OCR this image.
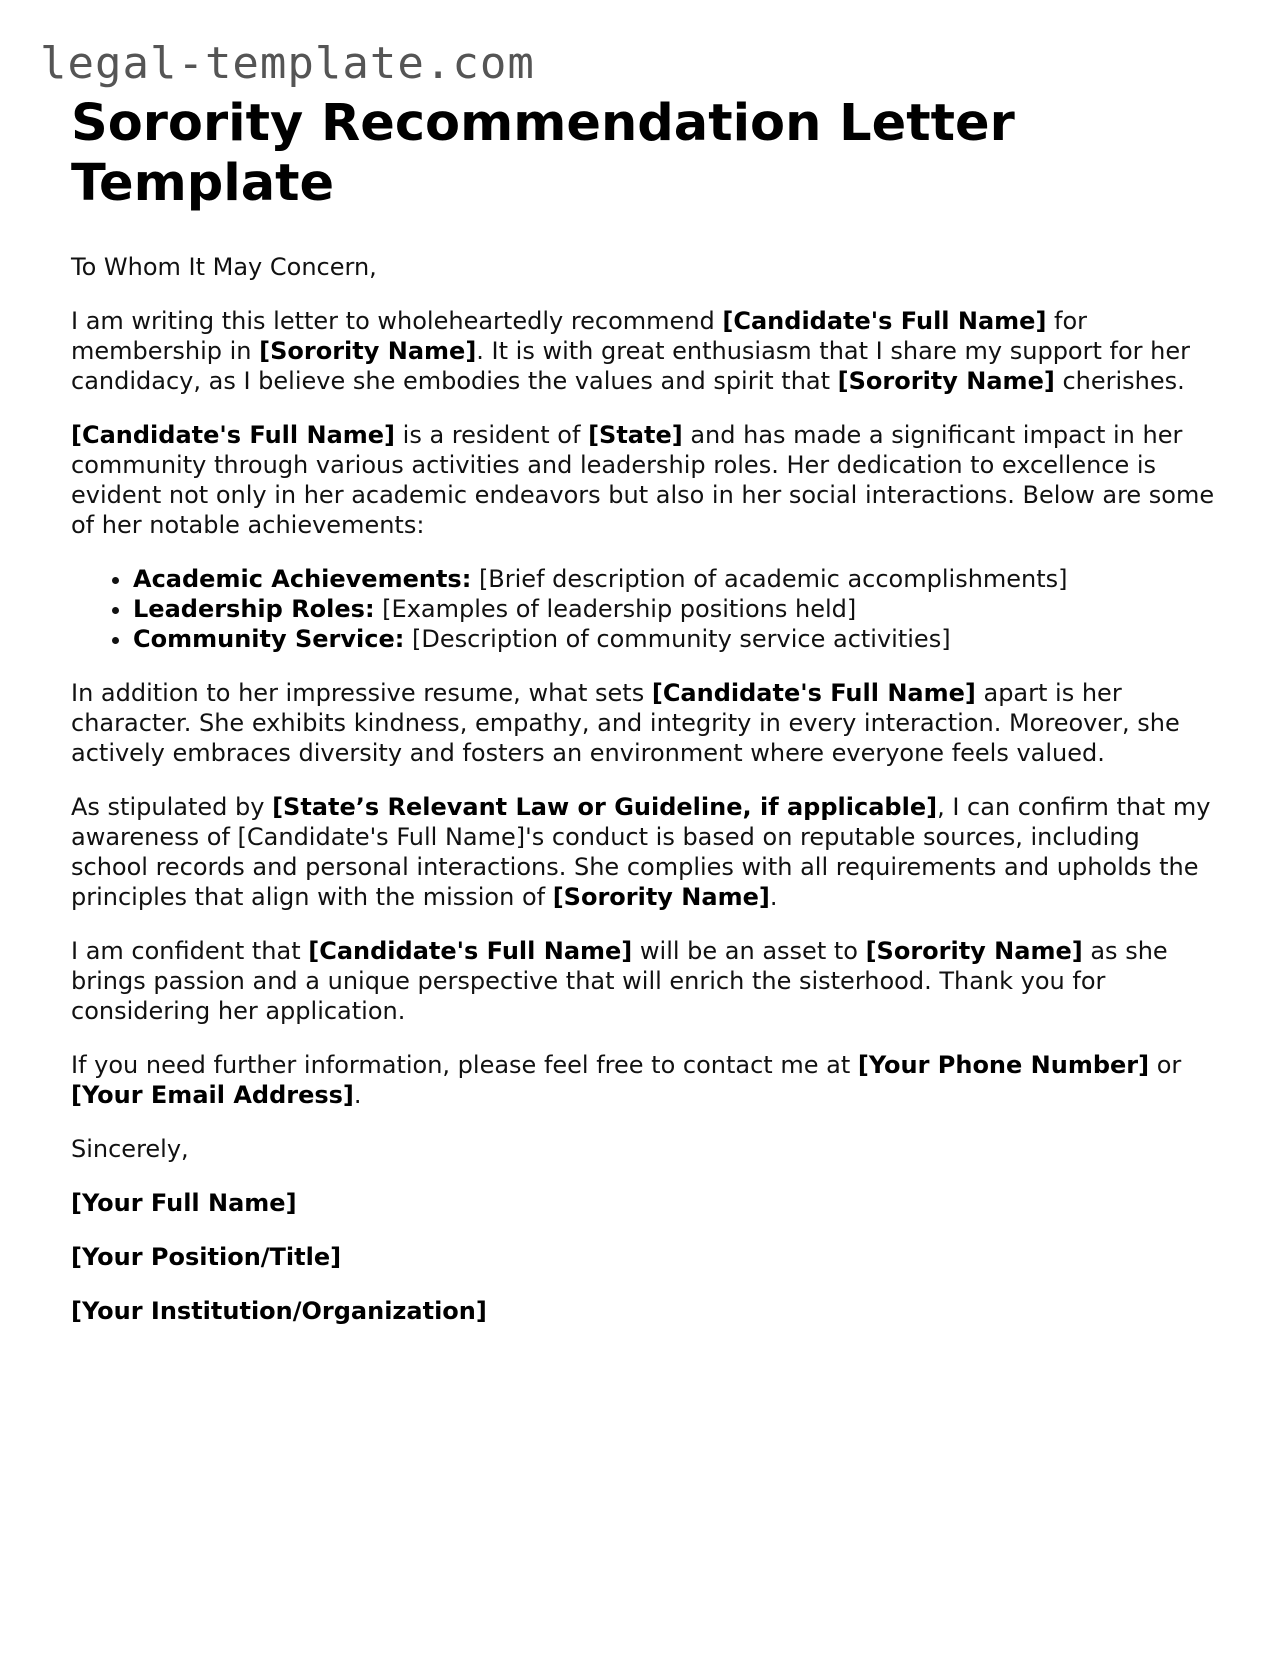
legal-template.com
Sorority Recommendation Letter Template

To Whom It May Concern,

I am writing this letter to wholeheartedly recommend [Candidate's Full Name] for membership in [Sorority Name]. It is with great enthusiasm that I share my support for her candidacy, as I believe she embodies the values and spirit that [Sorority Name] cherishes.

[Candidate's Full Name] is a resident of [State] and has made a significant impact in her community through various activities and leadership roles. Her dedication to excellence is evident not only in her academic endeavors but also in her social interactions. Below are some of her notable achievements:

• Academic Achievements: [Brief description of academic accomplishments]
• Leadership Roles: [Examples of leadership positions held]
• Community Service: [Description of community service activities]

In addition to her impressive resume, what sets [Candidate's Full Name] apart is her character. She exhibits kindness, empathy, and integrity in every interaction. Moreover, she actively embraces diversity and fosters an environment where everyone feels valued.

As stipulated by [State’s Relevant Law or Guideline, if applicable], I can confirm that my awareness of [Candidate's Full Name]'s conduct is based on reputable sources, including school records and personal interactions. She complies with all requirements and upholds the principles that align with the mission of [Sorority Name].

I am confident that [Candidate's Full Name] will be an asset to [Sorority Name] as she brings passion and a unique perspective that will enrich the sisterhood. Thank you for considering her application.

If you need further information, please feel free to contact me at [Your Phone Number] or [Your Email Address].

Sincerely,

[Your Full Name]

[Your Position/Title]

[Your Institution/Organization]
